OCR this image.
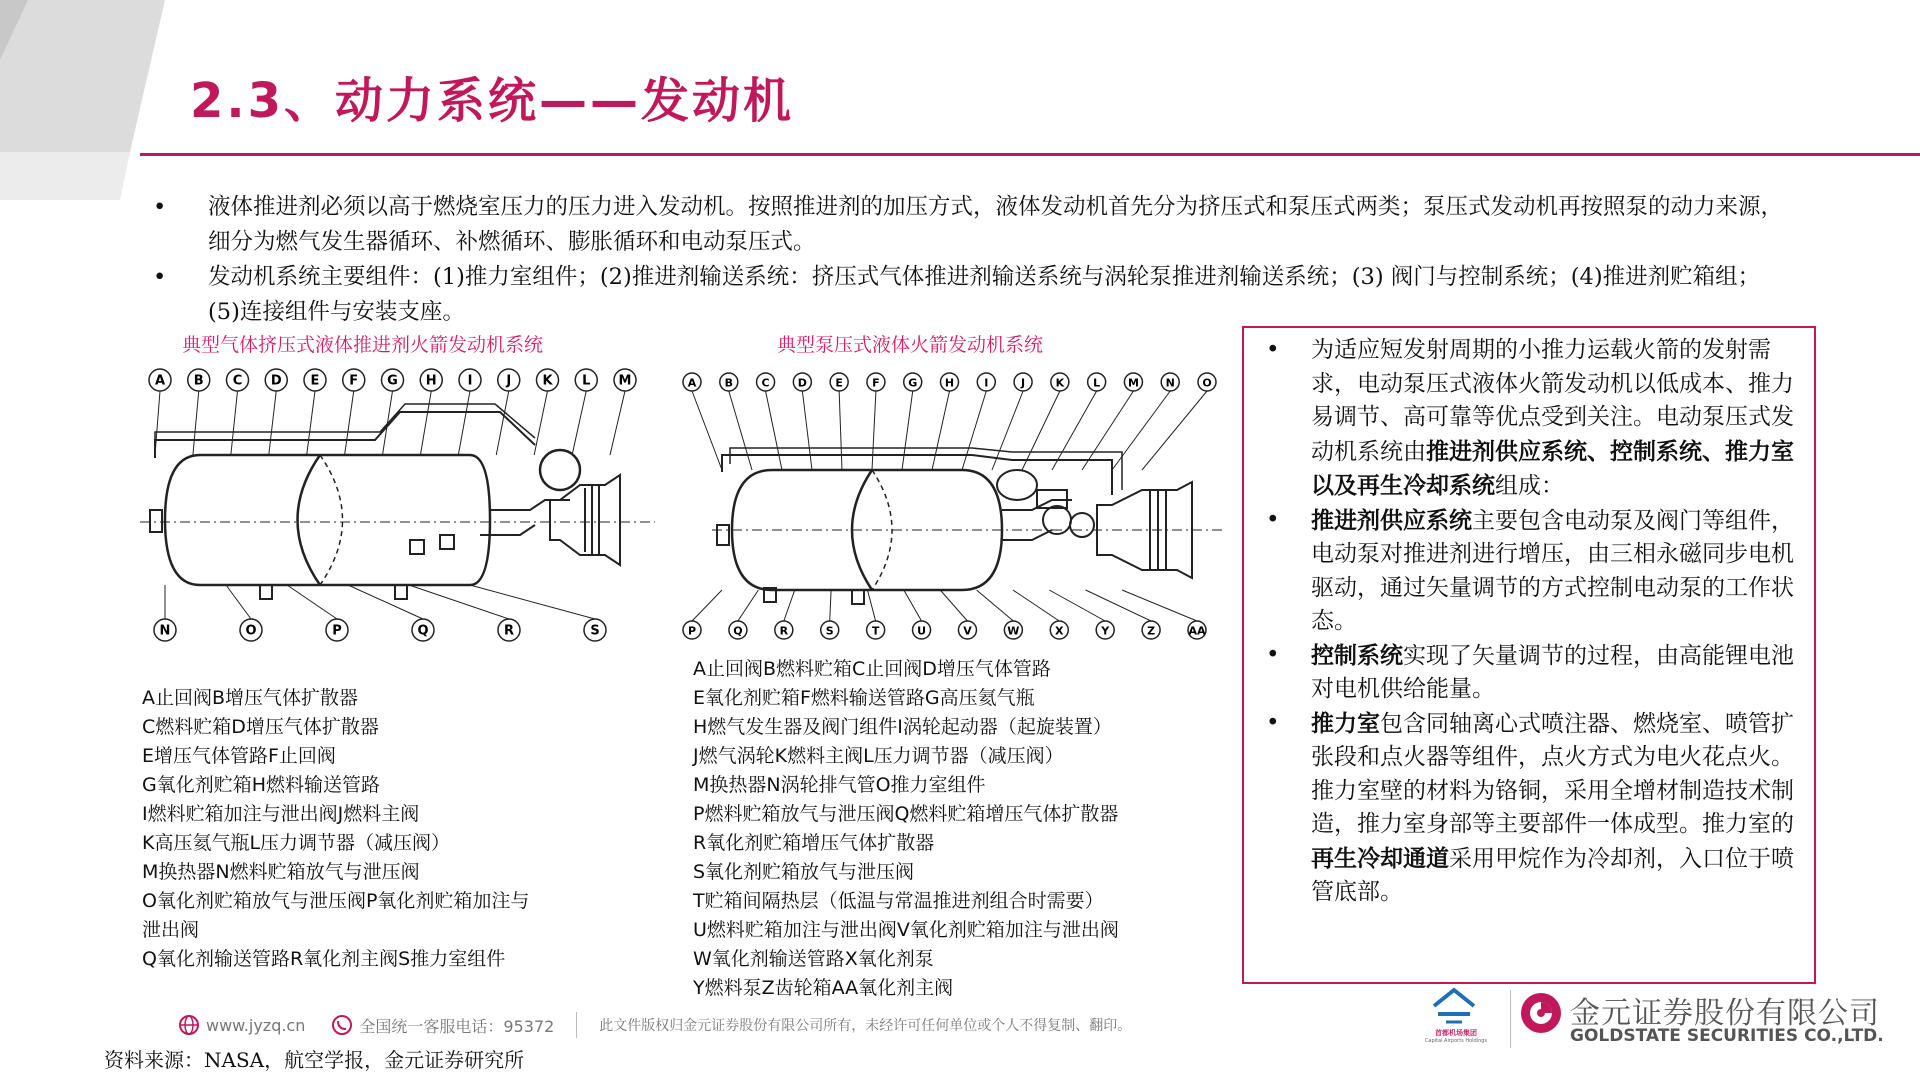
2.3、动力系统——发动机
•	液体推进剂必须以高于燃烧室压力的压力进入发动机。按照推进剂的加压方式，液体发动机首先分为挤压式和泵压式两类；泵压式发动机再按照泵的动力来源，细分为燃气发生器循环、补燃循环、膨胀循环和电动泵压式。
•	发动机系统主要组件：(1)推力室组件；(2)推进剂输送系统：挤压式气体推进剂输送系统与涡轮泵推进剂输送系统；(3) 阀门与控制系统；(4)推进剂贮箱组；(5)连接组件与安装支座。
典型气体挤压式液体推进剂火箭发动机系统	典型泵压式液体火箭发动机系统
A B C D E F G H I	J K L M
N	O	P	Q	R	S
A	B	C	D	E	F	G	H	I	J	K	L	M N O
P	Q	R	S	T	U	V	W	X	Y	Z	AA
A止回阀B增压气体扩散器
C燃料贮箱D增压气体扩散器
E增压气体管路F止回阀
G氧化剂贮箱H燃料输送管路
I燃料贮箱加注与泄出阀J燃料主阀
K高压氦气瓶L压力调节器（减压阀）
M换热器N燃料贮箱放气与泄压阀
O氧化剂贮箱放气与泄压阀P氧化剂贮箱加注与
泄出阀
Q氧化剂输送管路R氧化剂主阀S推力室组件
A止回阀B燃料贮箱C止回阀D增压气体管路
E氧化剂贮箱F燃料输送管路G高压氦气瓶
H燃气发生器及阀门组件I涡轮起动器（起旋装置）
J燃气涡轮K燃料主阀L压力调节器（减压阀）
M换热器N涡轮排气管O推力室组件
P燃料贮箱放气与泄压阀Q燃料贮箱增压气体扩散器
R氧化剂贮箱增压气体扩散器
S氧化剂贮箱放气与泄压阀
T贮箱间隔热层（低温与常温推进剂组合时需要）
U燃料贮箱加注与泄出阀V氧化剂贮箱加注与泄出阀
W氧化剂输送管路X氧化剂泵
Y燃料泵Z齿轮箱AA氧化剂主阀
•	为适应短发射周期的小推力运载火箭的发射需求，电动泵压式液体火箭发动机以低成本、推力易调节、高可靠等优点受到关注。电动泵压式发动机系统由推进剂供应系统、控制系统、推力室以及再生冷却系统组成：
•	推进剂供应系统主要包含电动泵及阀门等组件，电动泵对推进剂进行增压，由三相永磁同步电机驱动，通过矢量调节的方式控制电动泵的工作状态。
•	控制系统实现了矢量调节的过程，由高能锂电池对电机供给能量。
•	推力室包含同轴离心式喷注器、燃烧室、喷管扩张段和点火器等组件，点火方式为电火花点火。推力室壁的材料为铬铜，采用全增材制造技术制造，推力室身部等主要部件一体成型。推力室的再生冷却通道采用甲烷作为冷却剂，入口位于喷管底部。
www.jyzq.cn	全国统一客服电话：95372	此文件版权归金元证券股份有限公司所有，未经许可任何单位或个人不得复制、翻印。
资料来源：NASA，航空学报，金元证券研究所
首都机场集团
Capital Airports Holdings
金元证券股份有限公司
GOLDSTATE SECURITIES CO.,LTD.
